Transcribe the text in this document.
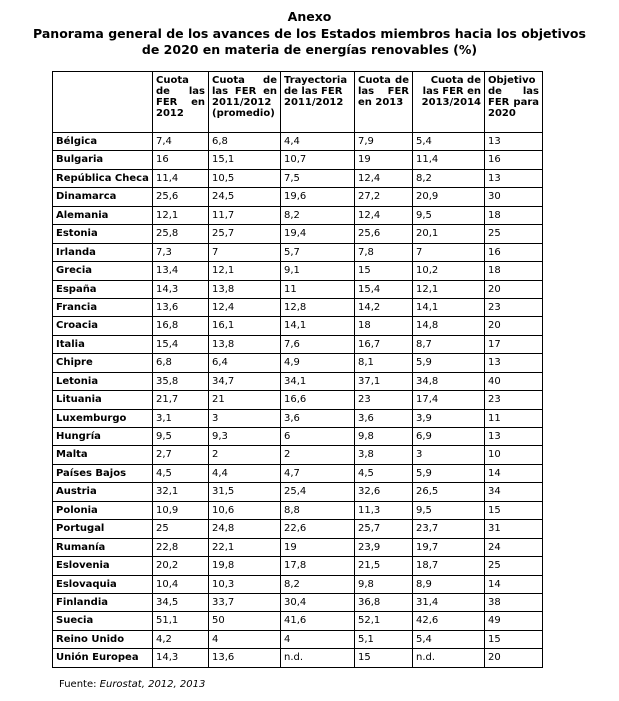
Anexo
Panorama general de los avances de los Estados miembros hacia los objetivos
de 2020 en materia de energías renovables (%)
	Cuota de las FER en 2012	Cuota de las FER en 2011/2012 (promedio)	Trayectoria de las FER 2011/2012	Cuota de las FER en 2013	Cuota de las FER en 2013/2014	Objetivo de las FER para 2020
Bélgica	7,4	6,8	4,4	7,9	5,4	13
Bulgaria	16	15,1	10,7	19	11,4	16
República Checa	11,4	10,5	7,5	12,4	8,2	13
Dinamarca	25,6	24,5	19,6	27,2	20,9	30
Alemania	12,1	11,7	8,2	12,4	9,5	18
Estonia	25,8	25,7	19,4	25,6	20,1	25
Irlanda	7,3	7	5,7	7,8	7	16
Grecia	13,4	12,1	9,1	15	10,2	18
España	14,3	13,8	11	15,4	12,1	20
Francia	13,6	12,4	12,8	14,2	14,1	23
Croacia	16,8	16,1	14,1	18	14,8	20
Italia	15,4	13,8	7,6	16,7	8,7	17
Chipre	6,8	6,4	4,9	8,1	5,9	13
Letonia	35,8	34,7	34,1	37,1	34,8	40
Lituania	21,7	21	16,6	23	17,4	23
Luxemburgo	3,1	3	3,6	3,6	3,9	11
Hungría	9,5	9,3	6	9,8	6,9	13
Malta	2,7	2	2	3,8	3	10
Países Bajos	4,5	4,4	4,7	4,5	5,9	14
Austria	32,1	31,5	25,4	32,6	26,5	34
Polonia	10,9	10,6	8,8	11,3	9,5	15
Portugal	25	24,8	22,6	25,7	23,7	31
Rumanía	22,8	22,1	19	23,9	19,7	24
Eslovenia	20,2	19,8	17,8	21,5	18,7	25
Eslovaquia	10,4	10,3	8,2	9,8	8,9	14
Finlandia	34,5	33,7	30,4	36,8	31,4	38
Suecia	51,1	50	41,6	52,1	42,6	49
Reino Unido	4,2	4	4	5,1	5,4	15
Unión Europea	14,3	13,6	n.d.	15	n.d.	20
Fuente: Eurostat, 2012, 2013
